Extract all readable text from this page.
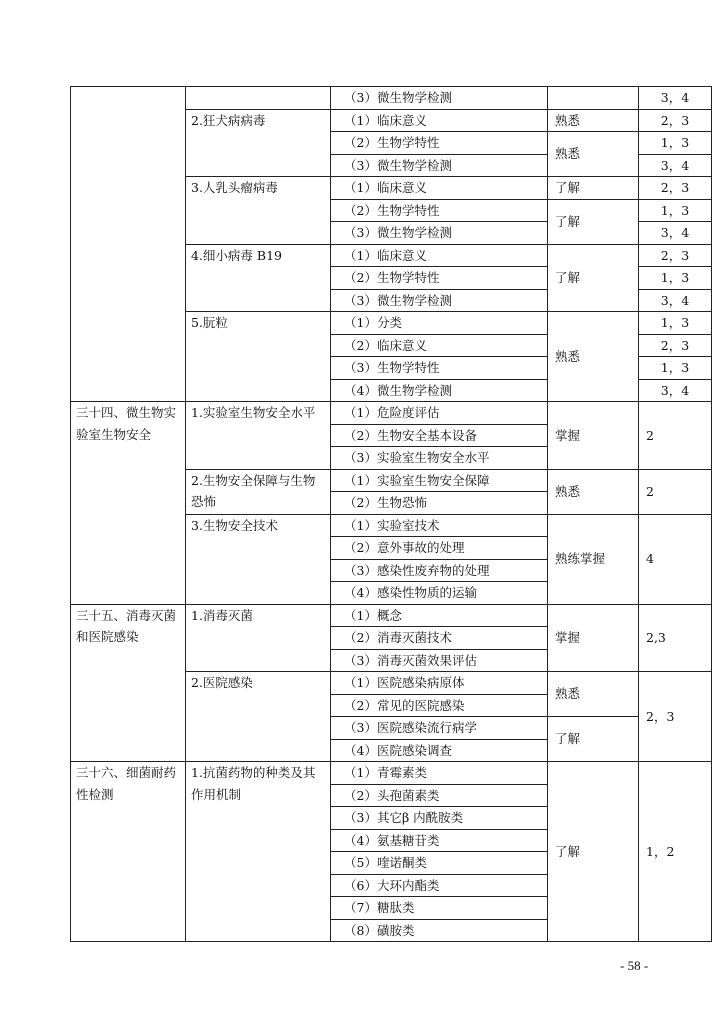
		（3）微生物学检测		3，4
	2.狂犬病病毒	（1）临床意义	熟悉	2，3
		（2）生物学特性	熟悉	1，3
		（3）微生物学检测		3，4
	3.人乳头瘤病毒	（1）临床意义	了解	2，3
		（2）生物学特性	了解	1，3
		（3）微生物学检测		3，4
	4.细小病毒 B19	（1）临床意义	了解	2，3
		（2）生物学特性		1，3
		（3）微生物学检测		3，4
	5.朊粒	（1）分类	熟悉	1，3
		（2）临床意义		2，3
		（3）生物学特性		1，3
		（4）微生物学检测		3，4
三十四、微生物实验室生物安全	1.实验室生物安全水平	（1）危险度评估	掌握	2
		（2）生物安全基本设备		
		（3）实验室生物安全水平		
	2.生物安全保障与生物恐怖	（1）实验室生物安全保障	熟悉	2
		（2）生物恐怖		
	3.生物安全技术	（1）实验室技术	熟练掌握	4
		（2）意外事故的处理		
		（3）感染性废弃物的处理		
		（4）感染性物质的运输		
三十五、消毒灭菌和医院感染	1.消毒灭菌	（1）概念	掌握	2,3
		（2）消毒灭菌技术		
		（3）消毒灭菌效果评估		
	2.医院感染	（1）医院感染病原体	熟悉	2，3
		（2）常见的医院感染		
		（3）医院感染流行病学	了解	
		（4）医院感染调查		
三十六、细菌耐药性检测	1.抗菌药物的种类及其作用机制	（1）青霉素类	了解	1，2
		（2）头孢菌素类		
		（3）其它β 内酰胺类		
		（4）氨基糖苷类		
		（5）喹诺酮类		
		（6）大环内酯类		
		（7）糖肽类		
		（8）磺胺类		
- 58 -
